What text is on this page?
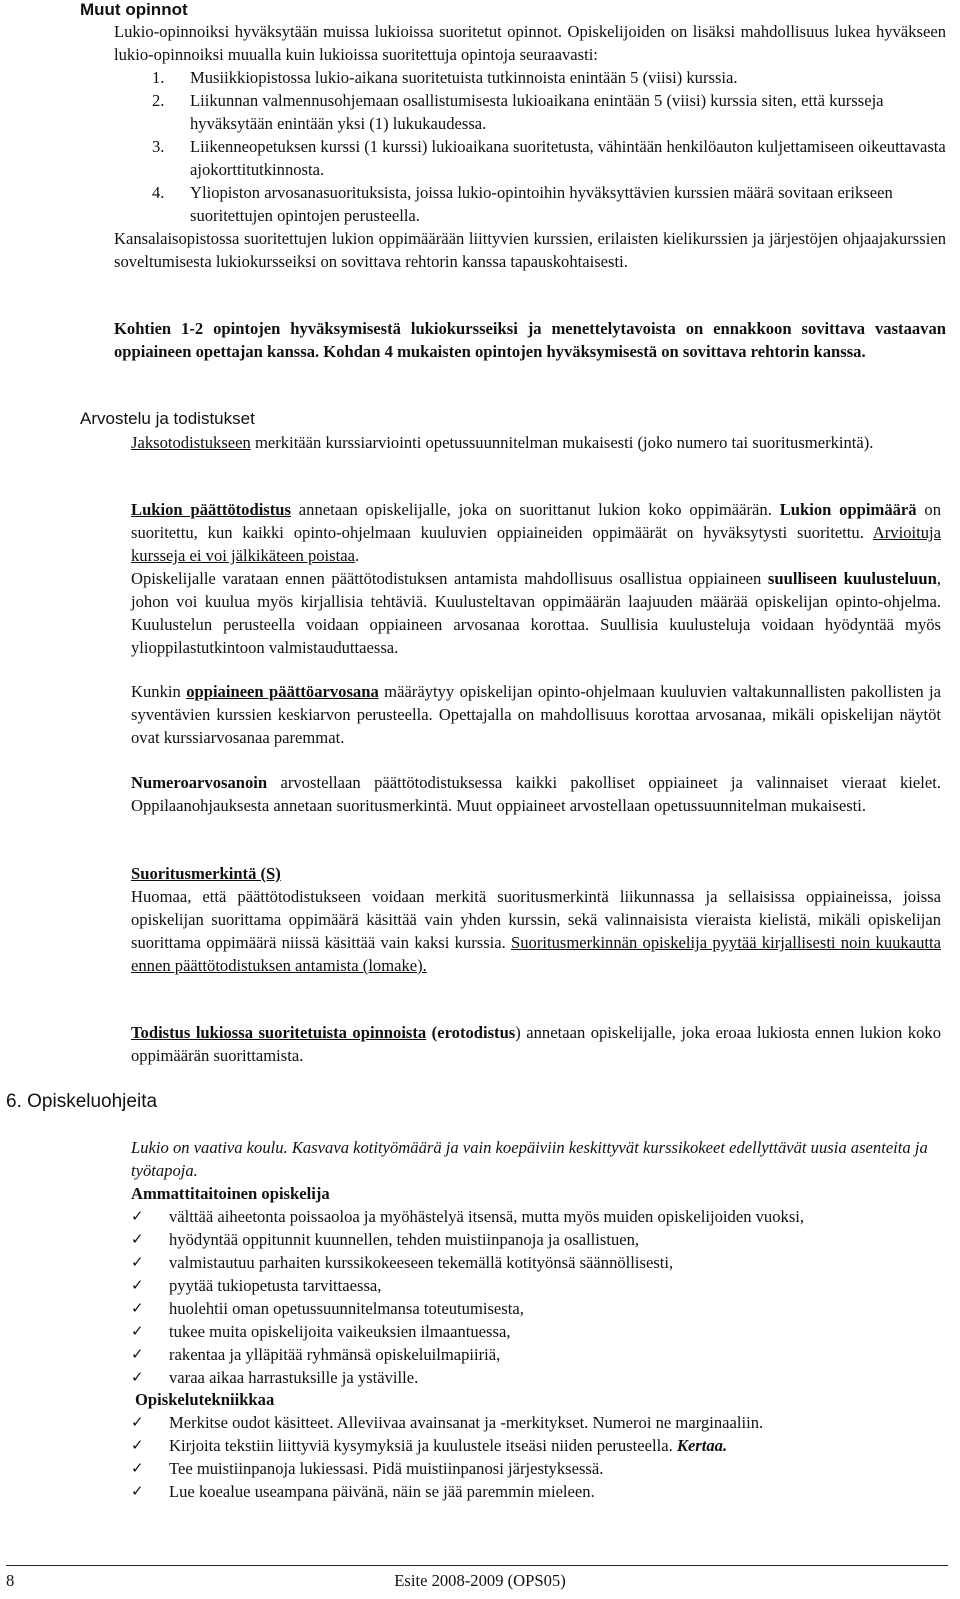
Muut opinnot

Lukio-opinnoiksi hyväksytään muissa lukioissa suoritetut opinnot. Opiskelijoiden on lisäksi mahdollisuus lukea hyväkseen lukio-opinnoiksi muualla kuin lukioissa suoritettuja opintoja seuraavasti:

1. Musiikkiopistossa lukio-aikana suoritetuista tutkinnoista enintään 5 (viisi) kurssia.
2. Liikunnan valmennusohjemaan osallistumisesta lukioaikana enintään 5 (viisi) kurssia siten, että kursseja hyväksytään enintään yksi (1) lukukaudessa.
3. Liikenneopetuksen kurssi (1 kurssi) lukioaikana suoritetusta, vähintään henkilöauton kuljettamiseen oikeuttavasta ajokorttitutkinnosta.
4. Yliopiston arvosanasuorituksista, joissa lukio-opintoihin hyväksyttävien kurssien määrä sovitaan erikseen suoritettujen opintojen perusteella.

Kansalaisopistossa suoritettujen lukion oppimäärään liittyvien kurssien, erilaisten kielikurssien ja järjestöjen ohjaajakurssien soveltumisesta lukiokursseiksi on sovittava rehtorin kanssa tapauskohtaisesti.

Kohtien 1-2 opintojen hyväksymisestä lukiokursseiksi ja menettelytavoista on ennakkoon sovittava vastaavan oppiaineen opettajan kanssa. Kohdan 4 mukaisten opintojen hyväksymisestä on sovittava rehtorin kanssa.

Arvostelu ja todistukset

Jaksotodistukseen merkitään kurssiarviointi opetussuunnitelman mukaisesti (joko numero tai suoritusmerkintä).

Lukion päättötodistus annetaan opiskelijalle, joka on suorittanut lukion koko oppimäärän. Lukion oppimäärä on suoritettu, kun kaikki opinto-ohjelmaan kuuluvien oppiaineiden oppimäärät on hyväksytysti suoritettu. Arvioituja kursseja ei voi jälkikäteen poistaa.

Opiskelijalle varataan ennen päättötodistuksen antamista mahdollisuus osallistua oppiaineen suulliseen kuulusteluun, johon voi kuulua myös kirjallisia tehtäviä. Kuulusteltavan oppimäärän laajuuden määrää opiskelijan opinto-ohjelma. Kuulustelun perusteella voidaan oppiaineen arvosanaa korottaa. Suullisia kuulusteluja voidaan hyödyntää myös ylioppilastutkintoon valmistauduttaessa.

Kunkin oppiaineen päättöarvosana määräytyy opiskelijan opinto-ohjelmaan kuuluvien valtakunnallisten pakollisten ja syventävien kurssien keskiarvon perusteella. Opettajalla on mahdollisuus korottaa arvosanaa, mikäli opiskelijan näytöt ovat kurssiarvosanaa paremmat.

Numeroarvosanoin arvostellaan päättötodistuksessa kaikki pakolliset oppiaineet ja valinnaiset vieraat kielet. Oppilaanohjauksesta annetaan suoritusmerkintä. Muut oppiaineet arvostellaan opetussuunnitelman mukaisesti.

Suoritusmerkintä (S)

Huomaa, että päättötodistukseen voidaan merkitä suoritusmerkintä liikunnassa ja sellaisissa oppiaineissa, joissa opiskelijan suorittama oppimäärä käsittää vain yhden kurssin, sekä valinnaisista vieraista kielistä, mikäli opiskelijan suorittama oppimäärä niissä käsittää vain kaksi kurssia. Suoritusmerkinnän opiskelija pyytää kirjallisesti noin kuukautta ennen päättötodistuksen antamista (lomake).

Todistus lukiossa suoritetuista opinnoista (erotodistus) annetaan opiskelijalle, joka eroaa lukiosta ennen lukion koko oppimäärän suorittamista.

6. Opiskeluohjeita

Lukio on vaativa koulu. Kasvava kotityömäärä ja vain koepäiviin keskittyvät kurssikokeet edellyttävät uusia asenteita ja työtapoja.

Ammattitaitoinen opiskelija
✓ välttää aiheetonta poissaoloa ja myöhästelyä itsensä, mutta myös muiden opiskelijoiden vuoksi,
✓ hyödyntää oppitunnit kuunnellen, tehden muistiinpanoja ja osallistuen,
✓ valmistautuu parhaiten kurssikokeeseen tekemällä kotityönsä säännöllisesti,
✓ pyytää tukiopetusta tarvittaessa,
✓ huolehtii oman opetussuunnitelmansa toteutumisesta,
✓ tukee muita opiskelijoita vaikeuksien ilmaantuessa,
✓ rakentaa ja ylläpitää ryhmänsä opiskeluilmapiiriä,
✓ varaa aikaa harrastuksille ja ystäville.
Opiskelutekniikkaa
✓ Merkitse oudot käsitteet. Alleviivaa avainsanat ja -merkitykset. Numeroi ne marginaaliin.
✓ Kirjoita tekstiin liittyviä kysymyksiä ja kuulustele itseäsi niiden perusteella. Kertaa.
✓ Tee muistiinpanoja lukiessasi. Pidä muistiinpanosi järjestyksessä.
✓ Lue koealue useampana päivänä, näin se jää paremmin mieleen.
8	Esite 2008-2009 (OPS05)
